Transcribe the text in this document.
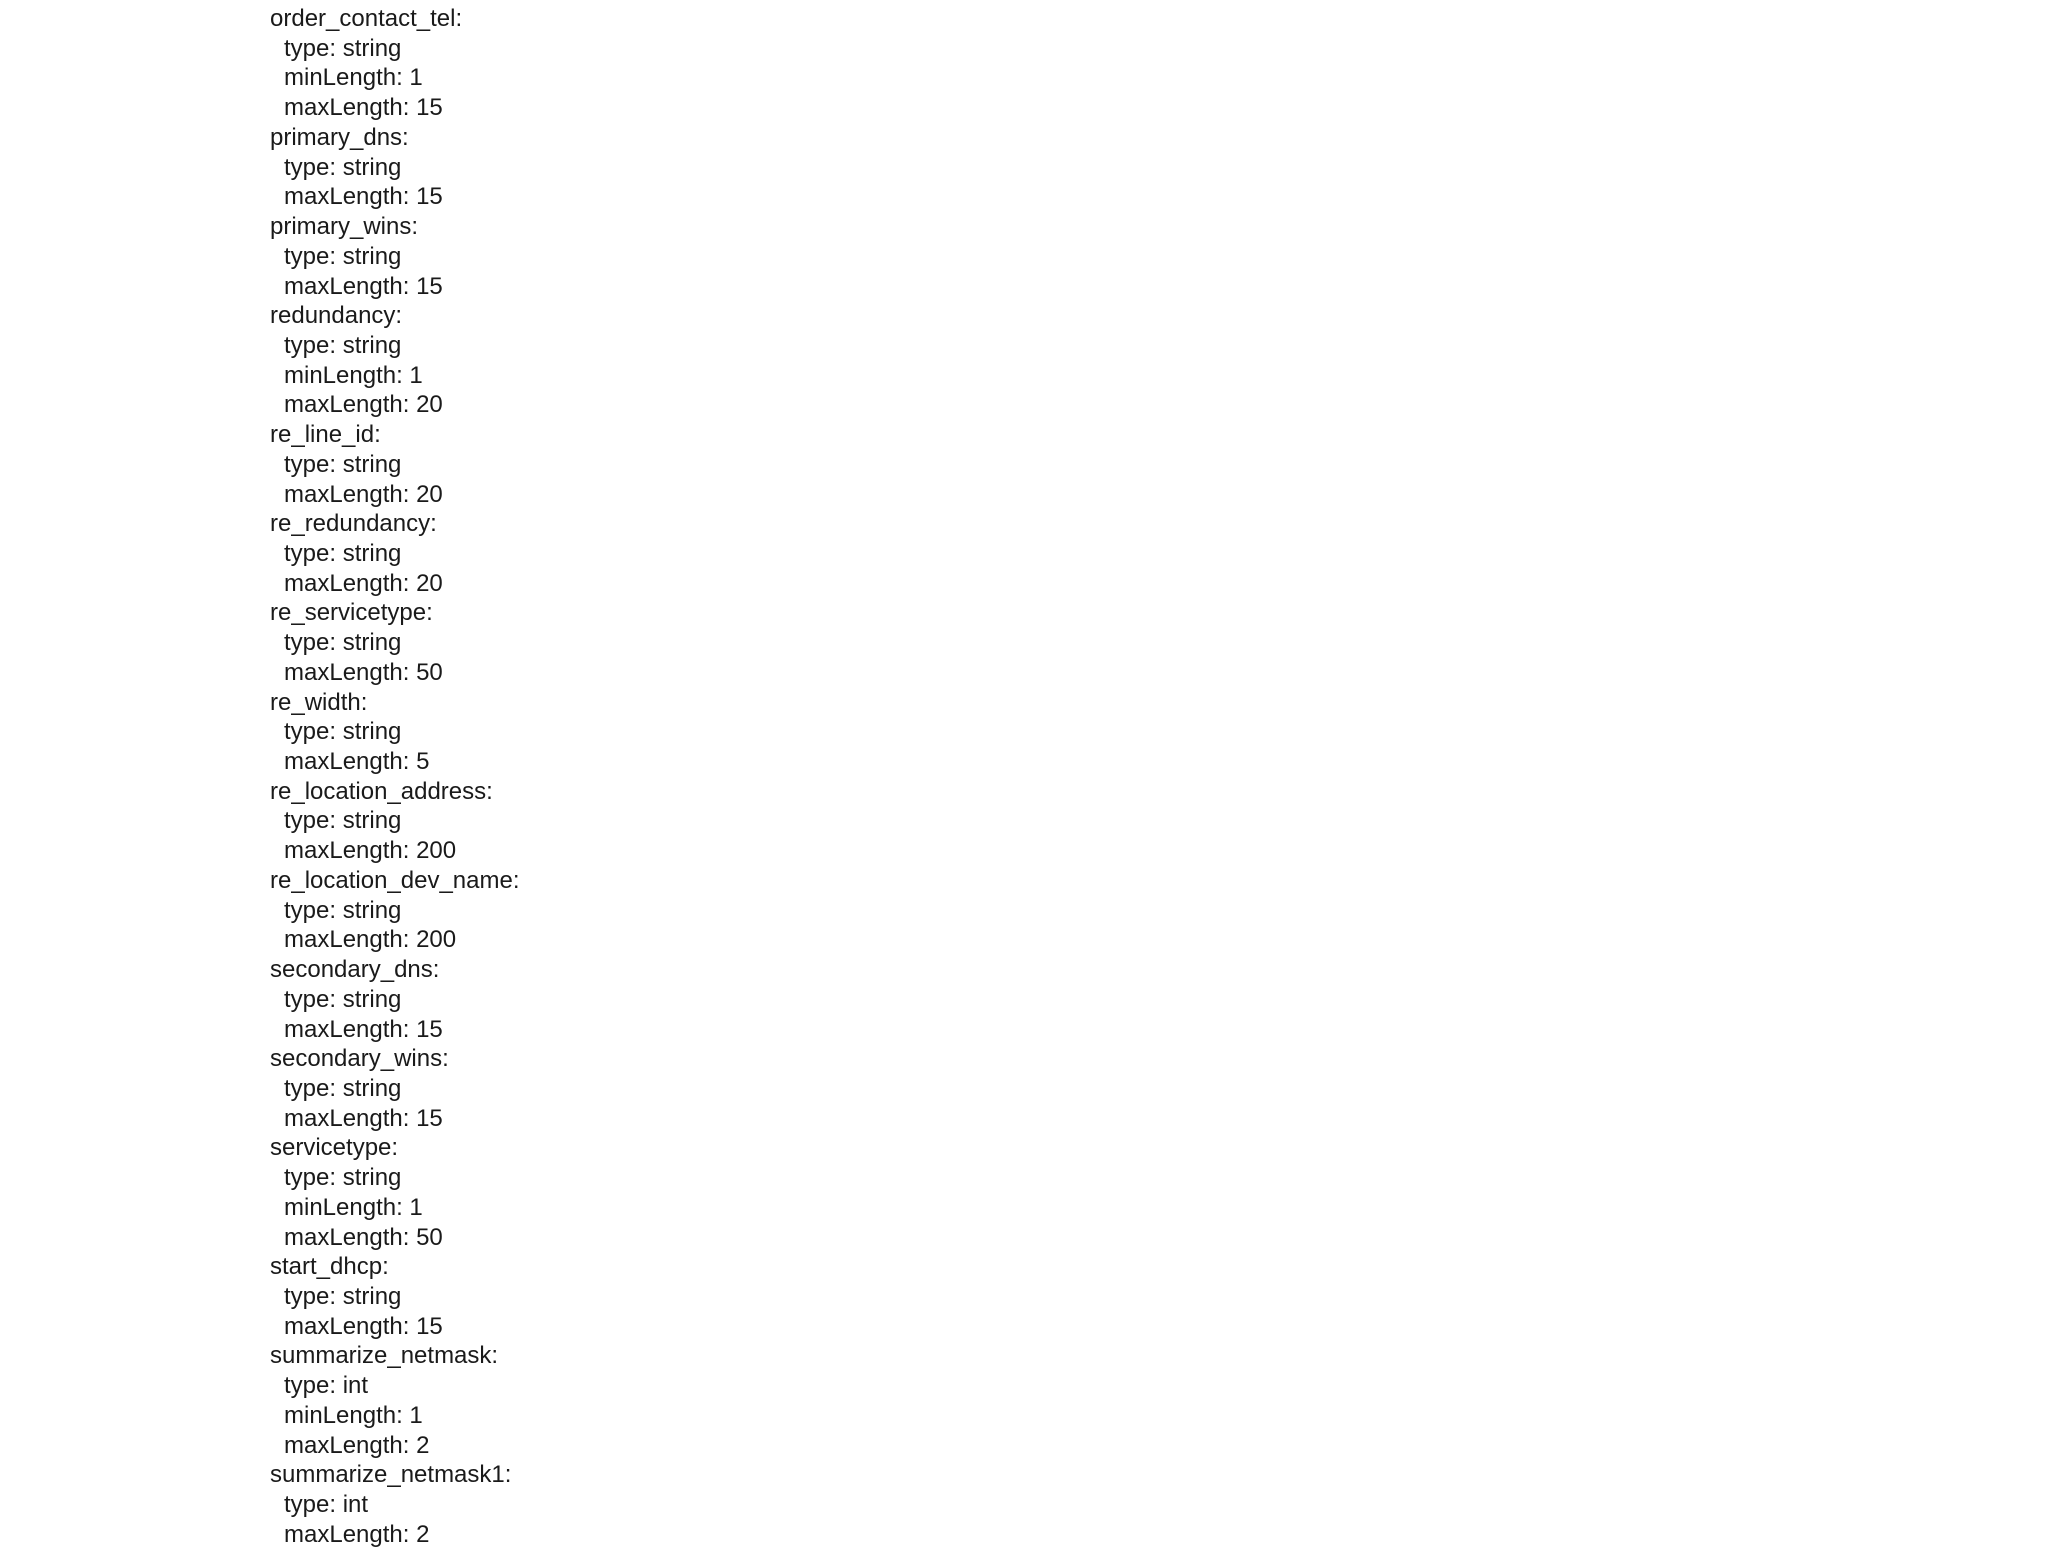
order_contact_tel:
type: string
minLength: 1
maxLength: 15
primary_dns:
type: string
maxLength: 15
primary_wins:
type: string
maxLength: 15
redundancy:
type: string
minLength: 1
maxLength: 20
re_line_id:
type: string
maxLength: 20
re_redundancy:
type: string
maxLength: 20
re_servicetype:
type: string
maxLength: 50
re_width:
type: string
maxLength: 5
re_location_address:
type: string
maxLength: 200
re_location_dev_name:
type: string
maxLength: 200
secondary_dns:
type: string
maxLength: 15
secondary_wins:
type: string
maxLength: 15
servicetype:
type: string
minLength: 1
maxLength: 50
start_dhcp:
type: string
maxLength: 15
summarize_netmask:
type: int
minLength: 1
maxLength: 2
summarize_netmask1:
type: int
maxLength: 2
